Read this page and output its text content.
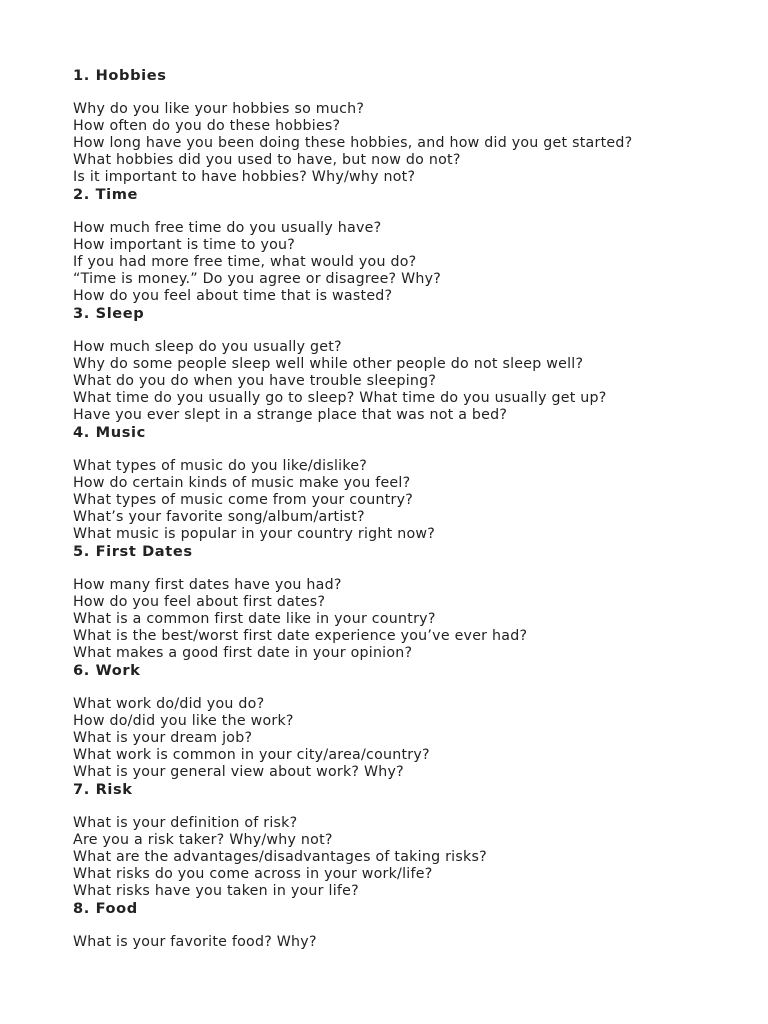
1. Hobbies
Why do you like your hobbies so much?
How often do you do these hobbies?
How long have you been doing these hobbies, and how did you get started?
What hobbies did you used to have, but now do not?
Is it important to have hobbies? Why/why not?
2. Time
How much free time do you usually have?
How important is time to you?
If you had more free time, what would you do?
“Time is money.” Do you agree or disagree? Why?
How do you feel about time that is wasted?
3. Sleep
How much sleep do you usually get?
Why do some people sleep well while other people do not sleep well?
What do you do when you have trouble sleeping?
What time do you usually go to sleep? What time do you usually get up?
Have you ever slept in a strange place that was not a bed?
4. Music
What types of music do you like/dislike?
How do certain kinds of music make you feel?
What types of music come from your country?
What’s your favorite song/album/artist?
What music is popular in your country right now?
5. First Dates
How many first dates have you had?
How do you feel about first dates?
What is a common first date like in your country?
What is the best/worst first date experience you’ve ever had?
What makes a good first date in your opinion?
6. Work
What work do/did you do?
How do/did you like the work?
What is your dream job?
What work is common in your city/area/country?
What is your general view about work? Why?
7. Risk
What is your definition of risk?
Are you a risk taker? Why/why not?
What are the advantages/disadvantages of taking risks?
What risks do you come across in your work/life?
What risks have you taken in your life?
8. Food
What is your favorite food? Why?
